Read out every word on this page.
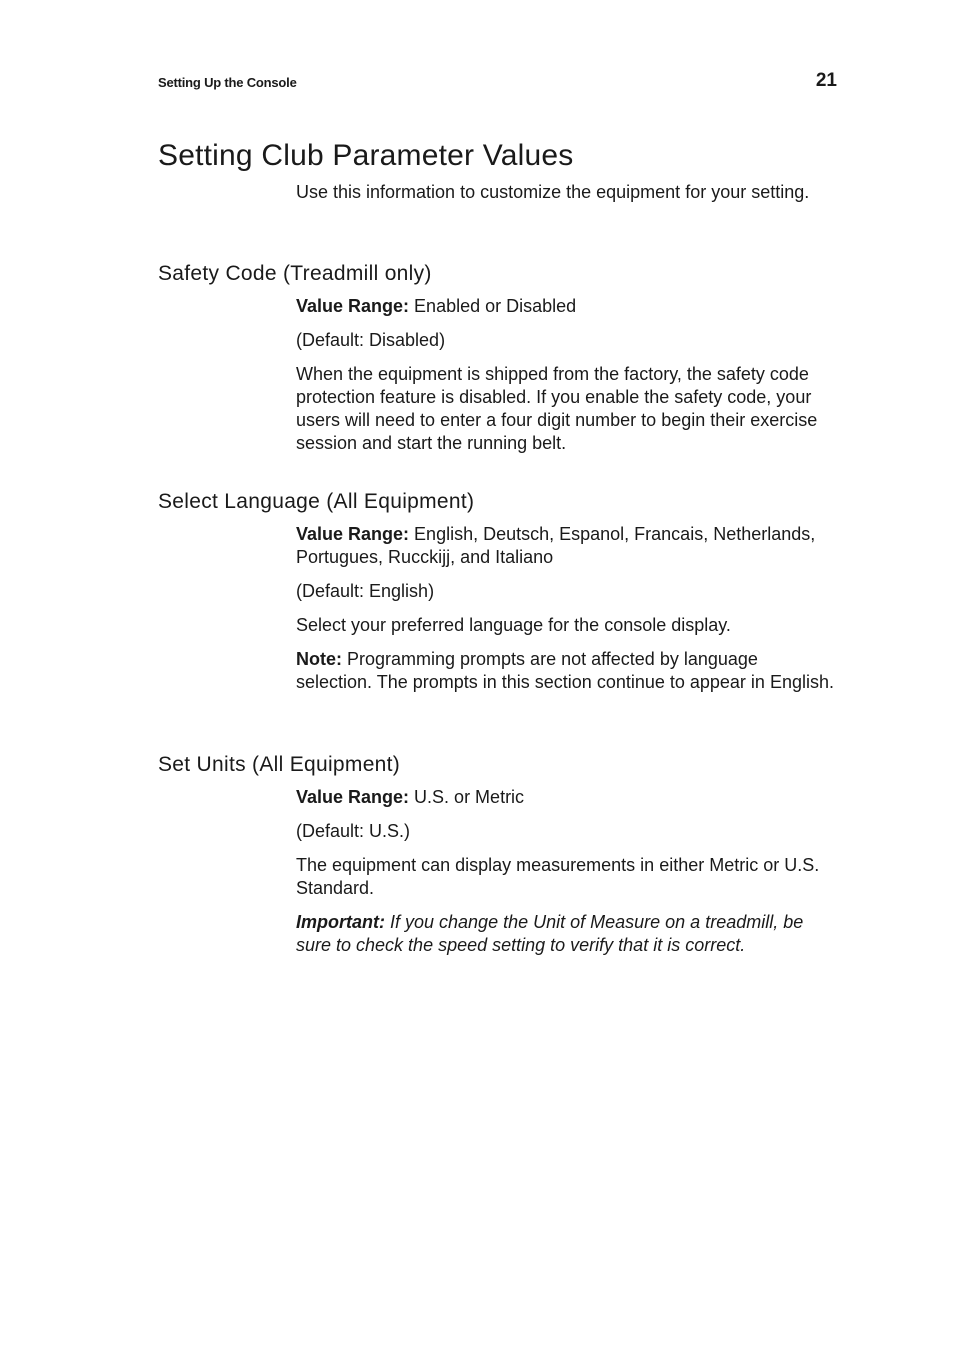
Setting Up the Console	21
Setting Club Parameter Values

Use this information to customize the equipment for your setting.

Safety Code (Treadmill only)

Value Range: Enabled or Disabled

(Default: Disabled)

When the equipment is shipped from the factory, the safety code protection feature is disabled. If you enable the safety code, your users will need to enter a four digit number to begin their exercise session and start the running belt.

Select Language (All Equipment)

Value Range: English, Deutsch, Espanol, Francais, Netherlands, Portugues, Rucckijj, and Italiano

(Default: English)

Select your preferred language for the console display.

Note: Programming prompts are not affected by language selection. The prompts in this section continue to appear in English.

Set Units (All Equipment)

Value Range: U.S. or Metric

(Default: U.S.)

The equipment can display measurements in either Metric or U.S. Standard.

Important: If you change the Unit of Measure on a treadmill, be sure to check the speed setting to verify that it is correct.
